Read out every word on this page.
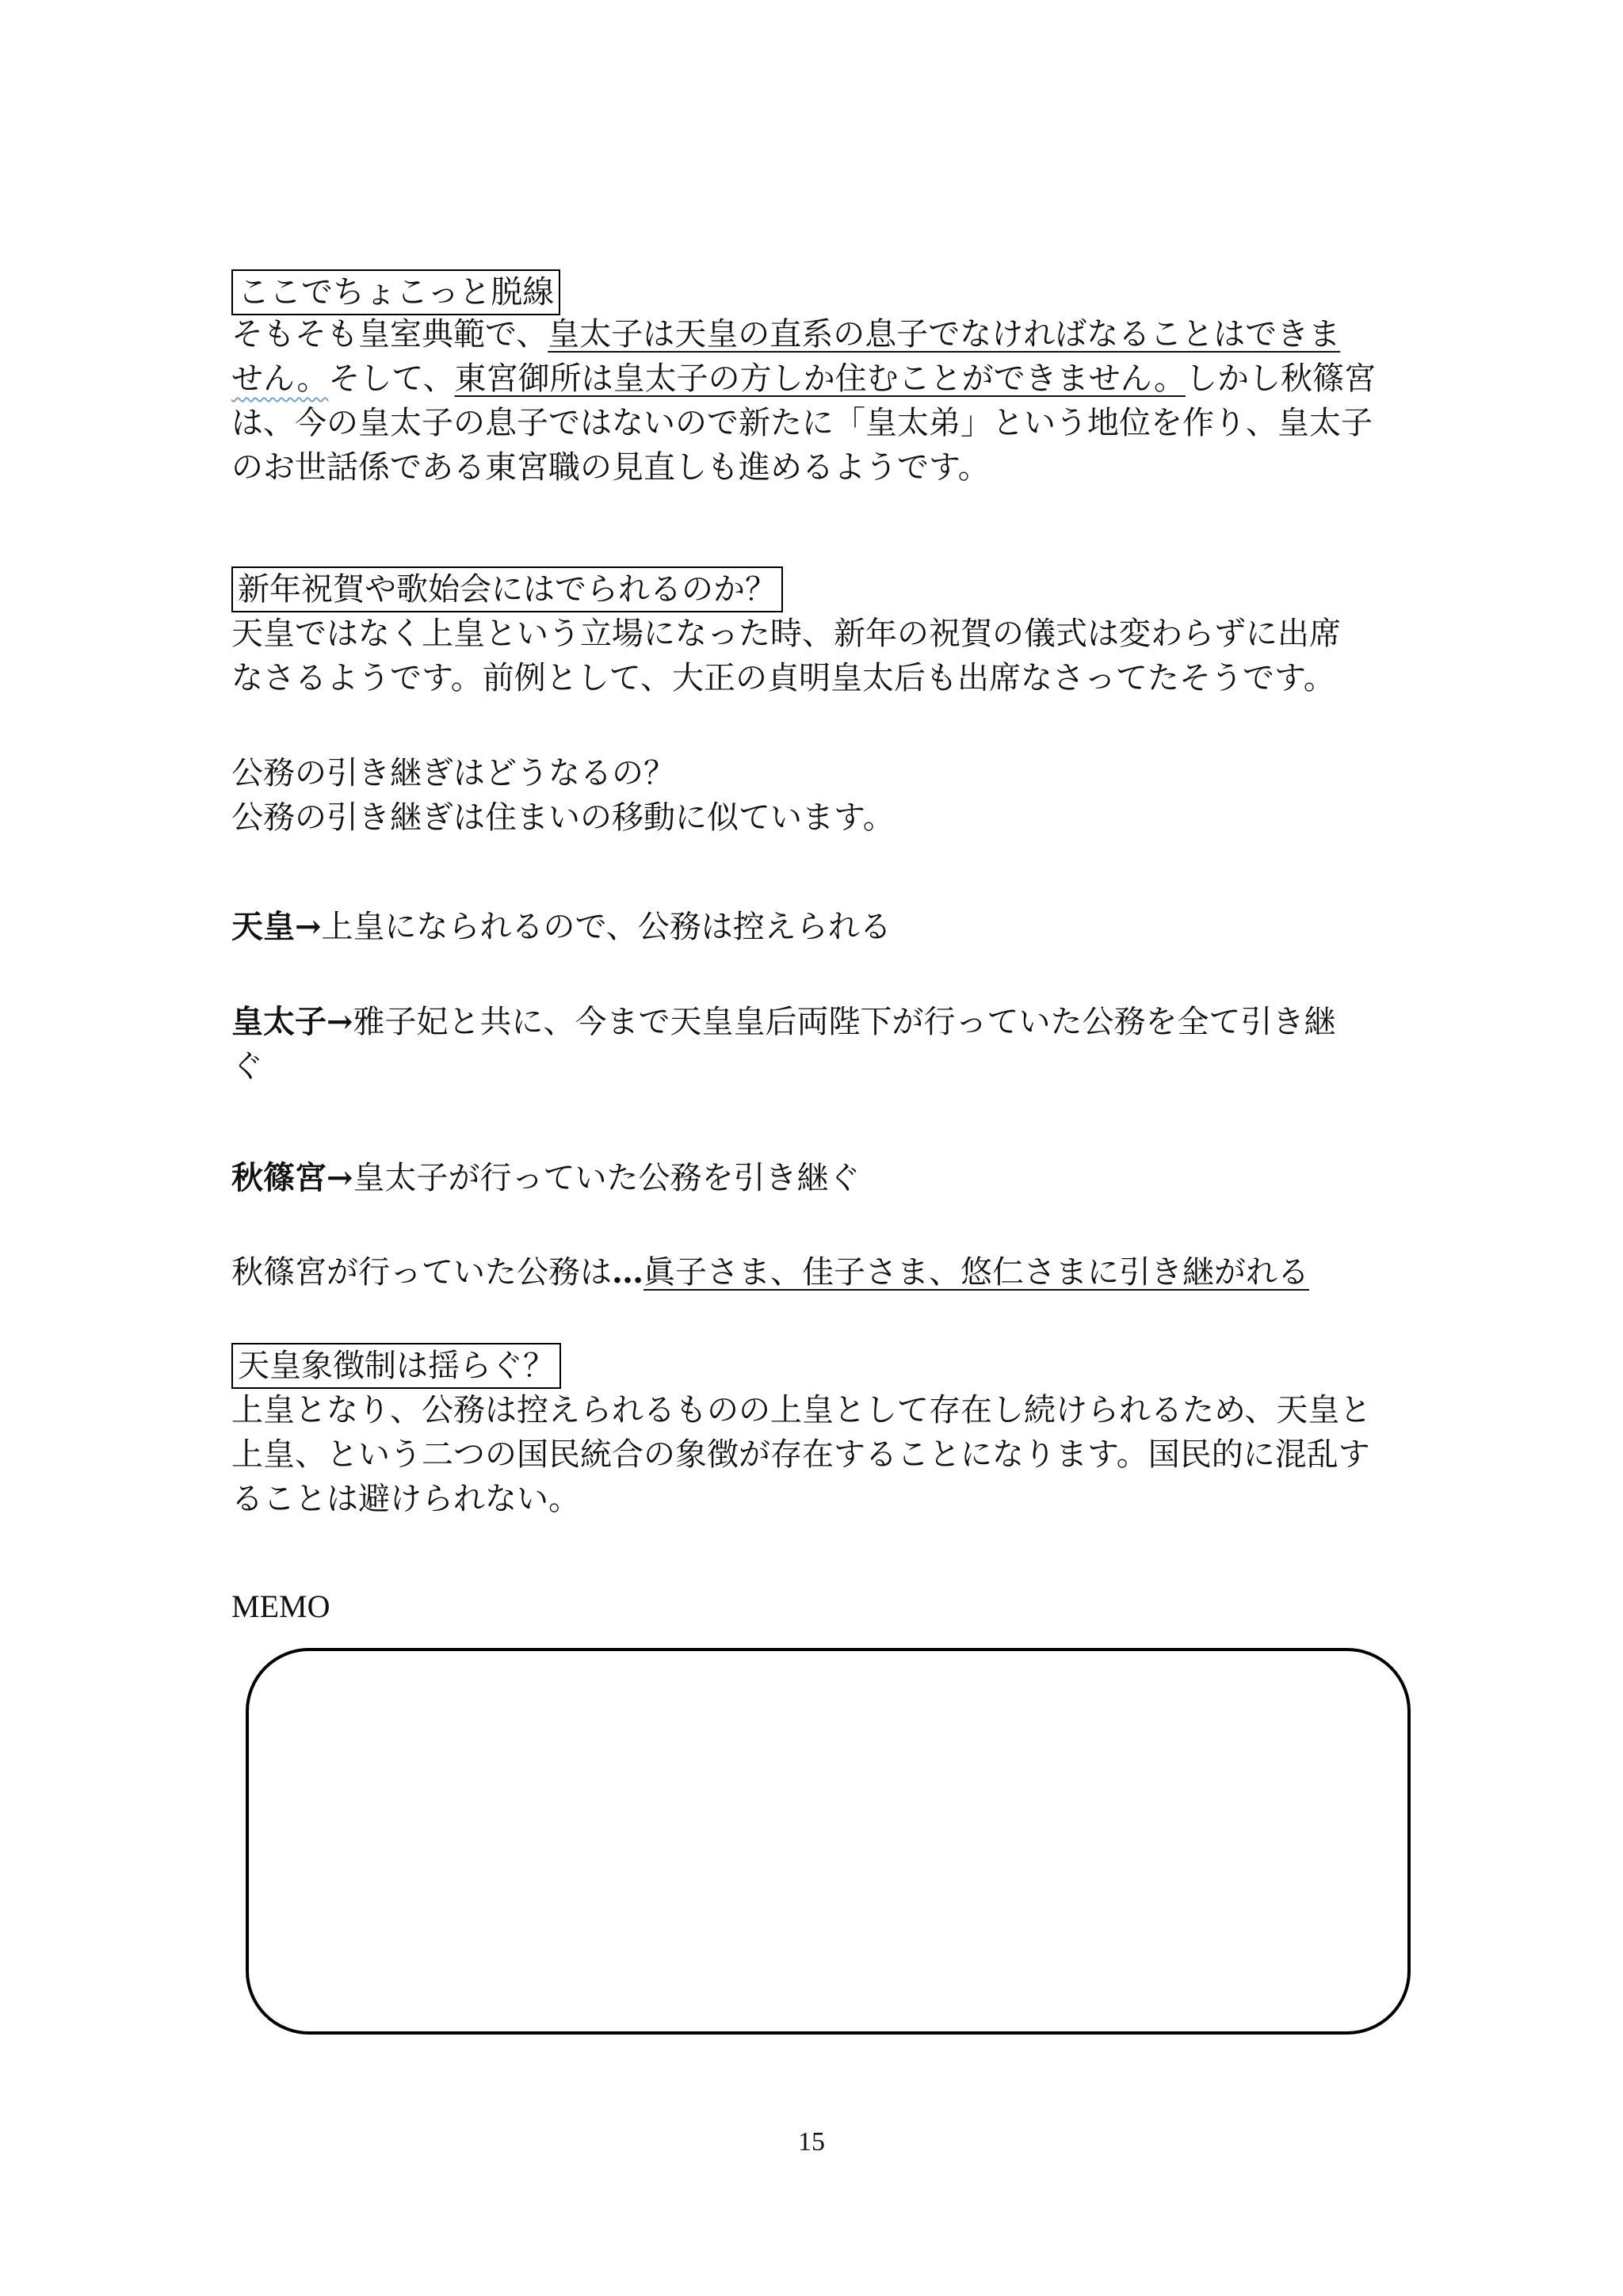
ここでちょこっと脱線
そもそも皇室典範で、皇太子は天皇の直系の息子でなければなることはできま
せん。そして、東宮御所は皇太子の方しか住むことができません。しかし秋篠宮
は、今の皇太子の息子ではないので新たに「皇太弟」という地位を作り、皇太子
のお世話係である東宮職の見直しも進めるようです。
新年祝賀や歌始会にはでられるのか？
天皇ではなく上皇という立場になった時、新年の祝賀の儀式は変わらずに出席
なさるようです。前例として、大正の貞明皇太后も出席なさってたそうです。
公務の引き継ぎはどうなるの？
公務の引き継ぎは住まいの移動に似ています。
天皇→上皇になられるので、公務は控えられる
皇太子→雅子妃と共に、今まで天皇皇后両陛下が行っていた公務を全て引き継
ぐ
秋篠宮→皇太子が行っていた公務を引き継ぐ
秋篠宮が行っていた公務は…眞子さま、佳子さま、悠仁さまに引き継がれる
天皇象徴制は揺らぐ？
上皇となり、公務は控えられるものの上皇として存在し続けられるため、天皇と
上皇、という二つの国民統合の象徴が存在することになります。国民的に混乱す
ることは避けられない。
MEMO
15
